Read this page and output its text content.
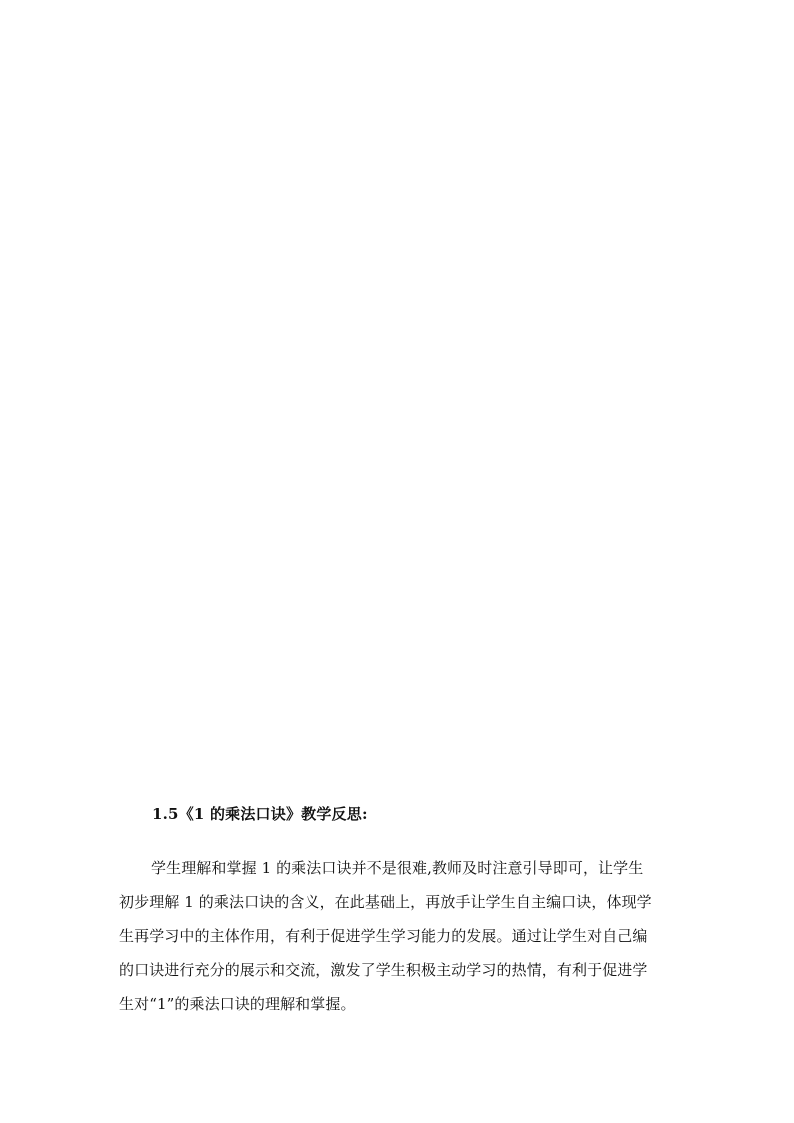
1.5《1 的乘法口诀》教学反思:
学生理解和掌握 1 的乘法口诀并不是很难,教师及时注意引导即可，让学生
初步理解 1 的乘法口诀的含义，在此基础上，再放手让学生自主编口诀，体现学
生再学习中的主体作用，有利于促进学生学习能力的发展。通过让学生对自己编
的口诀进行充分的展示和交流，激发了学生积极主动学习的热情，有利于促进学
生对“1”的乘法口诀的理解和掌握。
